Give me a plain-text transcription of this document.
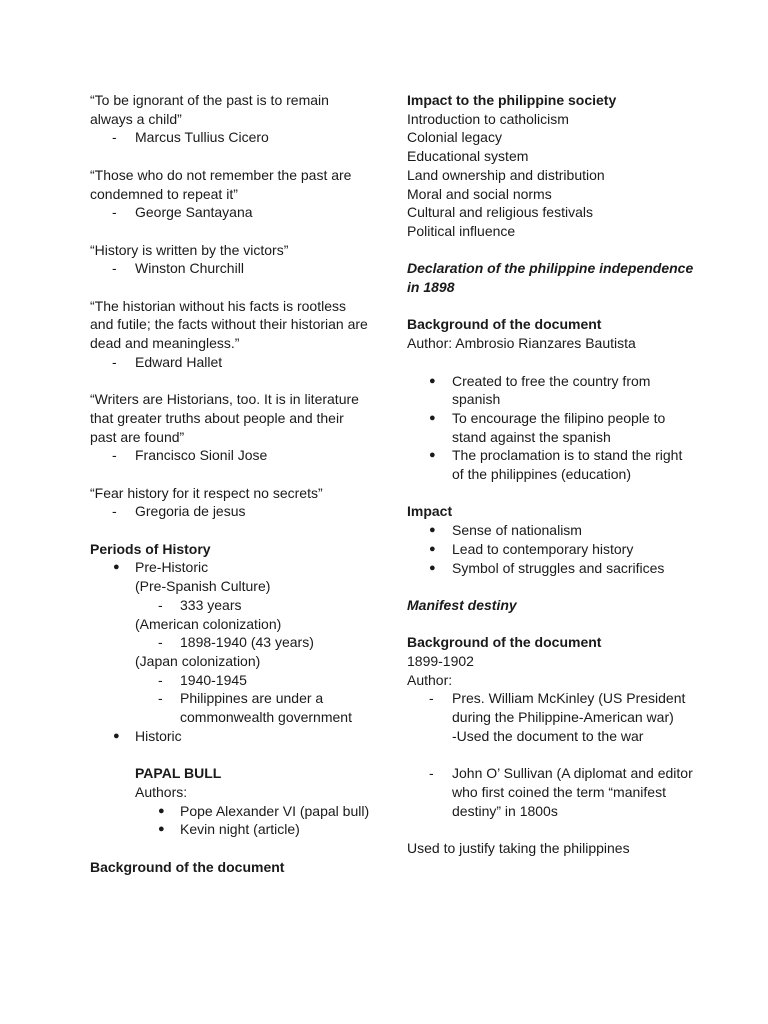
“To be ignorant of the past is to remain always a child”

- Marcus Tullius Cicero

“Those who do not remember the past are condemned to repeat it”

- George Santayana

“History is written by the victors”

- Winston Churchill

“The historian without his facts is rootless and futile; the facts without their historian are dead and meaningless.”

- Edward Hallet

“Writers are Historians, too. It is in literature that greater truths about people and their past are found”

- Francisco Sionil Jose

“Fear history for it respect no secrets”

- Gregoria de jesus

Periods of History

● Pre-Historic
(Pre-Spanish Culture)
- 333 years
(American colonization)
- 1898-1940 (43 years)
(Japan colonization)
- 1940-1945
- Philippines are under a commonwealth government
● Historic
PAPAL BULL
Authors:
● Pope Alexander VI (papal bull)
● Kevin night (article)

Background of the document

Impact to the philippine society

Introduction to catholicism
Colonial legacy
Educational system
Land ownership and distribution
Moral and social norms
Cultural and religious festivals
Political influence

Declaration of the philippine independence in 1898

Background of the document

Author: Ambrosio Rianzares Bautista
● Created to free the country from spanish
● To encourage the filipino people to stand against the spanish
● The proclamation is to stand the right of the philippines (education)

Impact

● Sense of nationalism
● Lead to contemporary history
● Symbol of struggles and sacrifices

Manifest destiny

Background of the document

1899-1902
Author:
- Pres. William McKinley (US President during the Philippine-American war)
-Used the document to the war
- John O’ Sullivan (A diplomat and editor who first coined the term “manifest destiny” in 1800s
Used to justify taking the philippines
